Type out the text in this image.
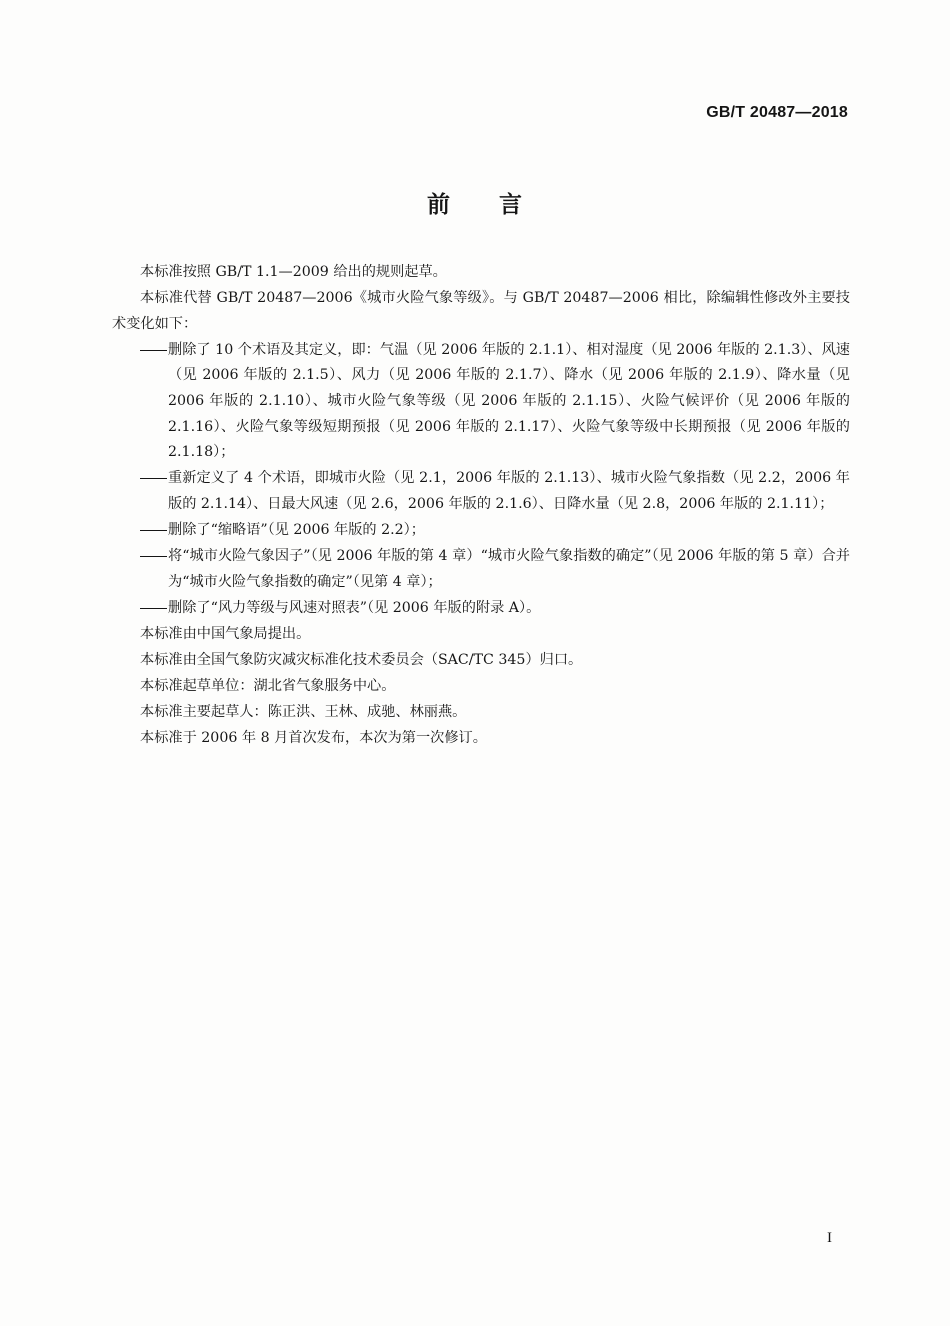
GB/T 20487—2018
前 言

本标准按照 GB/T 1.1—2009 给出的规则起草。

本标准代替 GB/T 20487—2006《城市火险气象等级》。与 GB/T 20487—2006 相比，除编辑性修改外主要技术变化如下：

删除了 10 个术语及其定义，即：气温（见 2006 年版的 2.1.1）、相对湿度（见 2006 年版的 2.1.3）、风速（见 2006 年版的 2.1.5）、风力（见 2006 年版的 2.1.7）、降水（见 2006 年版的 2.1.9）、降水量（见 2006 年版的 2.1.10）、城市火险气象等级（见 2006 年版的 2.1.15）、火险气候评价（见 2006 年版的 2.1.16）、火险气象等级短期预报（见 2006 年版的 2.1.17）、火险气象等级中长期预报（见 2006 年版的 2.1.18）；
重新定义了 4 个术语，即城市火险（见 2.1，2006 年版的 2.1.13）、城市火险气象指数（见 2.2，2006 年版的 2.1.14）、日最大风速（见 2.6，2006 年版的 2.1.6）、日降水量（见 2.8，2006 年版的 2.1.11）；
删除了“缩略语”（见 2006 年版的 2.2）；
将“城市火险气象因子”（见 2006 年版的第 4 章）“城市火险气象指数的确定”（见 2006 年版的第 5 章）合并为“城市火险气象指数的确定”（见第 4 章）；
删除了“风力等级与风速对照表”（见 2006 年版的附录 A）。

本标准由中国气象局提出。

本标准由全国气象防灾减灾标准化技术委员会（SAC/TC 345）归口。

本标准起草单位：湖北省气象服务中心。

本标准主要起草人：陈正洪、王林、成驰、林丽燕。

本标准于 2006 年 8 月首次发布，本次为第一次修订。

I
